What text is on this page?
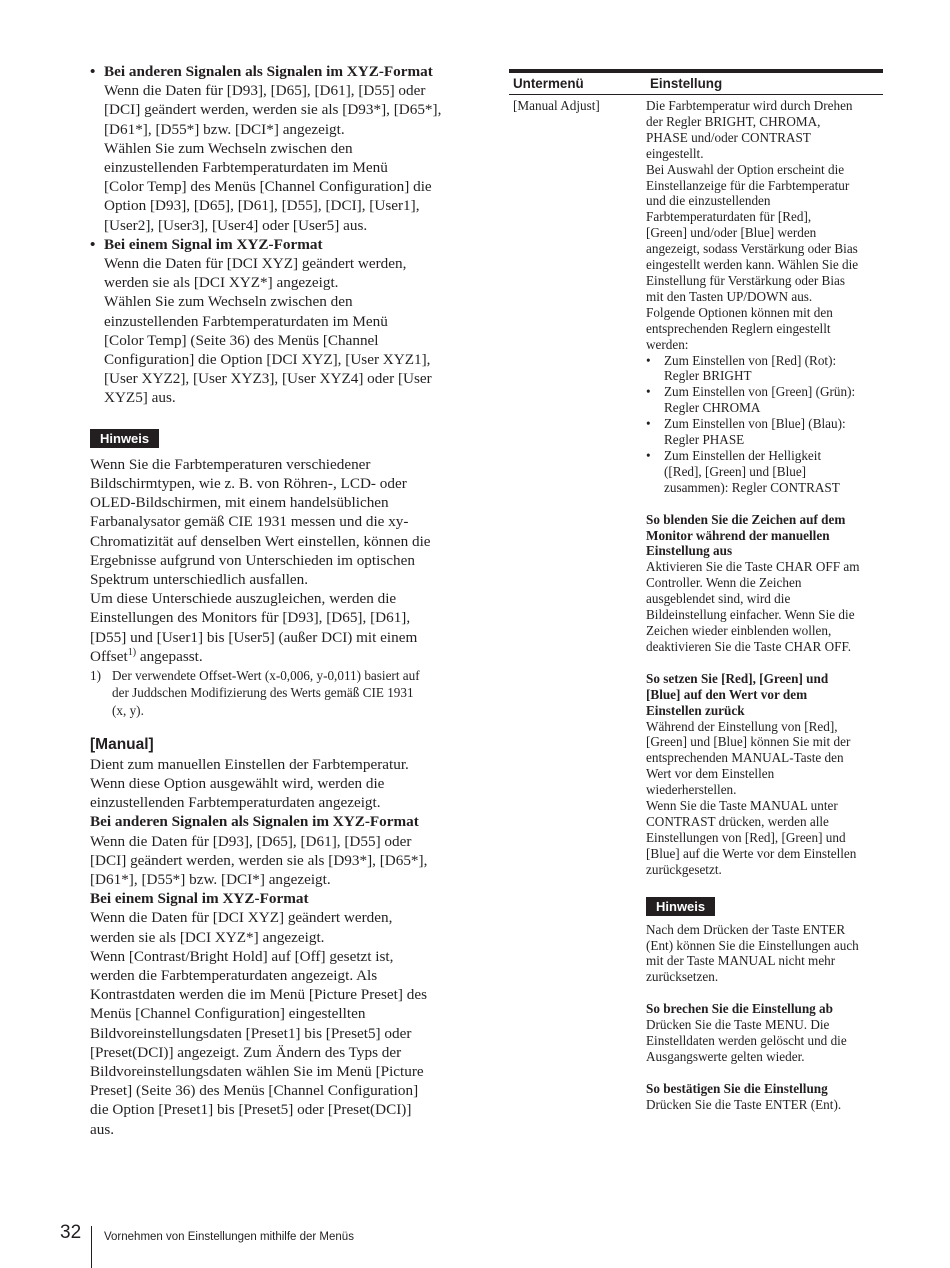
• Bei anderen Signalen als Signalen im XYZ-Format
Wenn die Daten für [D93], [D65], [D61], [D55] oder
[DCI] geändert werden, werden sie als [D93*], [D65*],
[D61*], [D55*] bzw. [DCI*] angezeigt.
Wählen Sie zum Wechseln zwischen den
einzustellenden Farbtemperaturdaten im Menü
[Color Temp] des Menüs [Channel Configuration] die
Option [D93], [D65], [D61], [D55], [DCI], [User1],
[User2], [User3], [User4] oder [User5] aus.
• Bei einem Signal im XYZ-Format
Wenn die Daten für [DCI XYZ] geändert werden,
werden sie als [DCI XYZ*] angezeigt.
Wählen Sie zum Wechseln zwischen den
einzustellenden Farbtemperaturdaten im Menü
[Color Temp] (Seite 36) des Menüs [Channel
Configuration] die Option [DCI XYZ], [User XYZ1],
[User XYZ2], [User XYZ3], [User XYZ4] oder [User
XYZ5] aus.
Hinweis
Wenn Sie die Farbtemperaturen verschiedener
Bildschirmtypen, wie z. B. von Röhren-, LCD- oder
OLED-Bildschirmen, mit einem handelsüblichen
Farbanalysator gemäß CIE 1931 messen und die xy-
Chromatizität auf denselben Wert einstellen, können die
Ergebnisse aufgrund von Unterschieden im optischen
Spektrum unterschiedlich ausfallen.
Um diese Unterschiede auszugleichen, werden die
Einstellungen des Monitors für [D93], [D65], [D61],
[D55] und [User1] bis [User5] (außer DCI) mit einem
Offset$^{1)}$ angepasst.
1) Der verwendete Offset-Wert (x-0,006, y-0,011) basiert auf
der Juddschen Modifizierung des Werts gemäß CIE 1931
(x, y).
[Manual]
Dient zum manuellen Einstellen der Farbtemperatur.
Wenn diese Option ausgewählt wird, werden die
einzustellenden Farbtemperaturdaten angezeigt.
Bei anderen Signalen als Signalen im XYZ-Format
Wenn die Daten für [D93], [D65], [D61], [D55] oder
[DCI] geändert werden, werden sie als [D93*], [D65*],
[D61*], [D55*] bzw. [DCI*] angezeigt.
Bei einem Signal im XYZ-Format
Wenn die Daten für [DCI XYZ] geändert werden,
werden sie als [DCI XYZ*] angezeigt.
Wenn [Contrast/Bright Hold] auf [Off] gesetzt ist,
werden die Farbtemperaturdaten angezeigt. Als
Kontrastdaten werden die im Menü [Picture Preset] des
Menüs [Channel Configuration] eingestellten
Bildvoreinstellungsdaten [Preset1] bis [Preset5] oder
[Preset(DCI)] angezeigt. Zum Ändern des Typs der
Bildvoreinstellungsdaten wählen Sie im Menü [Picture
Preset] (Seite 36) des Menüs [Channel Configuration]
die Option [Preset1] bis [Preset5] oder [Preset(DCI)]
aus.
Untermenü	Einstellung
[Manual Adjust]	Die Farbtemperatur wird durch Drehen
der Regler BRIGHT, CHROMA,
PHASE und/oder CONTRAST
eingestellt.
Bei Auswahl der Option erscheint die
Einstellanzeige für die Farbtemperatur
und die einzustellenden
Farbtemperaturdaten für [Red],
[Green] und/oder [Blue] werden
angezeigt, sodass Verstärkung oder Bias
eingestellt werden kann. Wählen Sie die
Einstellung für Verstärkung oder Bias
mit den Tasten UP/DOWN aus.
Folgende Optionen können mit den
entsprechenden Reglern eingestellt
werden:
• Zum Einstellen von [Red] (Rot):
Regler BRIGHT
• Zum Einstellen von [Green] (Grün):
Regler CHROMA
• Zum Einstellen von [Blue] (Blau):
Regler PHASE
• Zum Einstellen der Helligkeit
([Red], [Green] und [Blue]
zusammen): Regler CONTRAST
So blenden Sie die Zeichen auf dem
Monitor während der manuellen
Einstellung aus
Aktivieren Sie die Taste CHAR OFF am
Controller. Wenn die Zeichen
ausgeblendet sind, wird die
Bildeinstellung einfacher. Wenn Sie die
Zeichen wieder einblenden wollen,
deaktivieren Sie die Taste CHAR OFF.
So setzen Sie [Red], [Green] und
[Blue] auf den Wert vor dem
Einstellen zurück
Während der Einstellung von [Red],
[Green] und [Blue] können Sie mit der
entsprechenden MANUAL-Taste den
Wert vor dem Einstellen
wiederherstellen.
Wenn Sie die Taste MANUAL unter
CONTRAST drücken, werden alle
Einstellungen von [Red], [Green] und
[Blue] auf die Werte vor dem Einstellen
zurückgesetzt.
Hinweis
Nach dem Drücken der Taste ENTER
(Ent) können Sie die Einstellungen auch
mit der Taste MANUAL nicht mehr
zurücksetzen.
So brechen Sie die Einstellung ab
Drücken Sie die Taste MENU. Die
Einstelldaten werden gelöscht und die
Ausgangswerte gelten wieder.
So bestätigen Sie die Einstellung
Drücken Sie die Taste ENTER (Ent).
32 Vornehmen von Einstellungen mithilfe der Menüs
